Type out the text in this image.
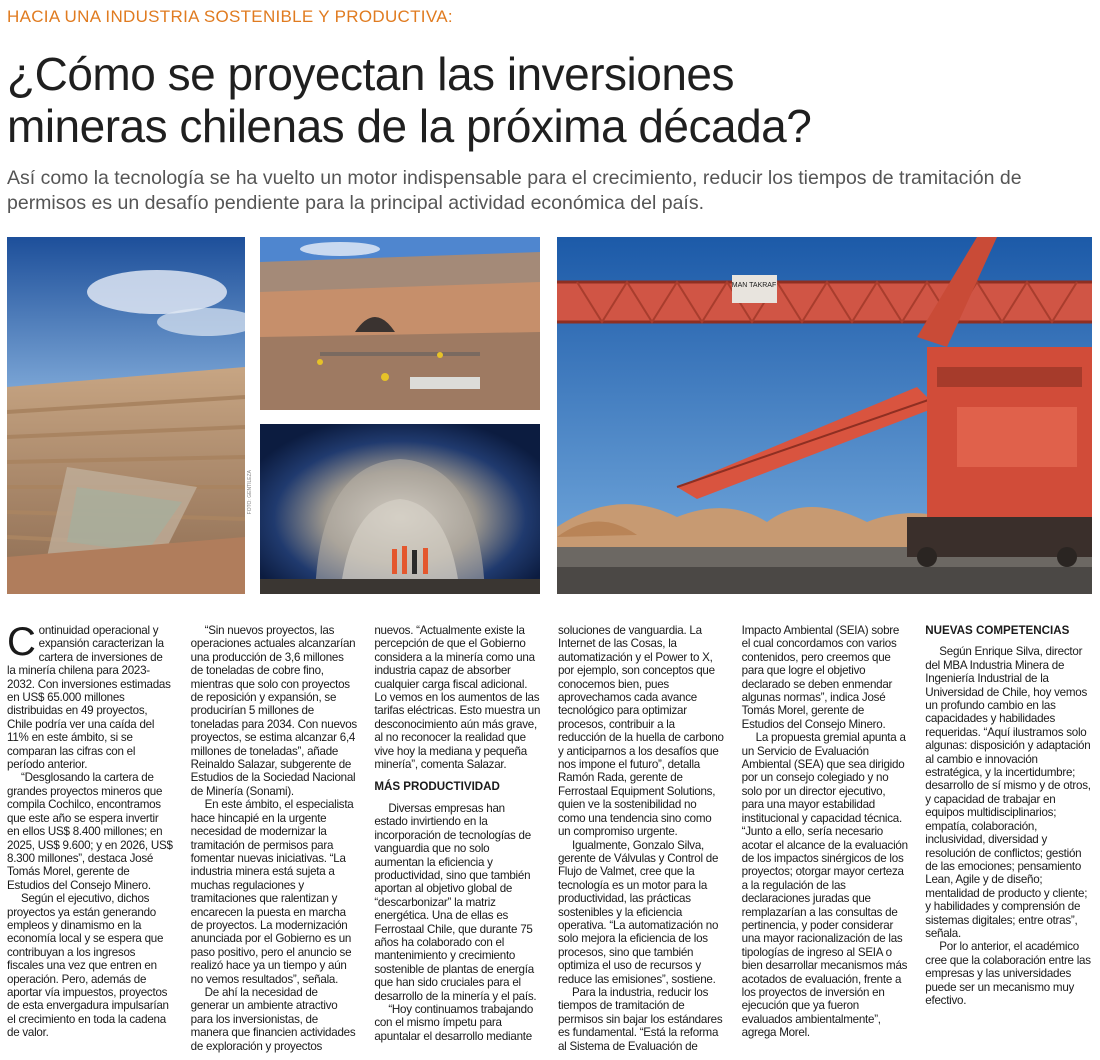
HACIA UNA INDUSTRIA SOSTENIBLE Y PRODUCTIVA:
¿Cómo se proyectan las inversiones
mineras chilenas de la próxima década?

Así como la tecnología se ha vuelto un motor indispensable para el crecimiento, reducir los tiempos de tramitación de permisos es un desafío pendiente para la principal actividad económica del país.

FOTO: GENTILEZA
MAN TAKRAF

Continuidad operacional y expansión caracterizan la cartera de inversiones de la minería chilena para 2023-2032. Con inversiones estimadas en US$ 65.000 millones distribuidas en 49 proyectos, Chile podría ver una caída del 11% en este ámbito, si se comparan las cifras con el período anterior.

“Desglosando la cartera de grandes proyectos mineros que compila Cochilco, encontramos que este año se espera invertir en ellos US$ 8.400 millones; en 2025, US$ 9.600; y en 2026, US$ 8.300 millones”, destaca José Tomás Morel, gerente de Estudios del Consejo Minero.

Según el ejecutivo, dichos proyectos ya están generando empleos y dinamismo en la economía local y se espera que contribuyan a los ingresos fiscales una vez que entren en operación. Pero, además de aportar vía impuestos, proyectos de esta envergadura impulsarían el crecimiento en toda la cadena de valor.

“Sin nuevos proyectos, las operaciones actuales alcanzarían una producción de 3,6 millones de toneladas de cobre fino, mientras que solo con proyectos de reposición y expansión, se producirían 5 millones de toneladas para 2034. Con nuevos proyectos, se estima alcanzar 6,4 millones de toneladas”, añade Reinaldo Salazar, subgerente de Estudios de la Sociedad Nacional de Minería (Sonami).

En este ámbito, el especialista hace hincapié en la urgente necesidad de modernizar la tramitación de permisos para fomentar nuevas iniciativas. “La industria minera está sujeta a muchas regulaciones y tramitaciones que ralentizan y encarecen la puesta en marcha de proyectos. La modernización anunciada por el Gobierno es un paso positivo, pero el anuncio se realizó hace ya un tiempo y aún no vemos resultados”, señala.

De ahí la necesidad de generar un ambiente atractivo para los inversionistas, de manera que financien actividades de exploración y proyectos nuevos. “Actualmente existe la percepción de que el Gobierno considera a la minería como una industria capaz de absorber cualquier carga fiscal adicional. Lo vemos en los aumentos de las tarifas eléctricas. Esto muestra un desconocimiento aún más grave, al no reconocer la realidad que vive hoy la mediana y pequeña minería”, comenta Salazar.

MÁS PRODUCTIVIDAD

Diversas empresas han estado invirtiendo en la incorporación de tecnologías de vanguardia que no solo aumentan la eficiencia y productividad, sino que también aportan al objetivo global de “descarbonizar” la matriz energética. Una de ellas es Ferrostaal Chile, que durante 75 años ha colaborado con el mantenimiento y crecimiento sostenible de plantas de energía que han sido cruciales para el desarrollo de la minería y el país.

“Hoy continuamos trabajando con el mismo ímpetu para apuntalar el desarrollo mediante soluciones de vanguardia. La Internet de las Cosas, la automatización y el Power to X, por ejemplo, son conceptos que conocemos bien, pues aprovechamos cada avance tecnológico para optimizar procesos, contribuir a la reducción de la huella de carbono y anticiparnos a los desafíos que nos impone el futuro”, detalla Ramón Rada, gerente de Ferrostaal Equipment Solutions, quien ve la sostenibilidad no como una tendencia sino como un compromiso urgente.

Igualmente, Gonzalo Silva, gerente de Válvulas y Control de Flujo de Valmet, cree que la tecnología es un motor para la productividad, las prácticas sostenibles y la eficiencia operativa. “La automatización no solo mejora la eficiencia de los procesos, sino que también optimiza el uso de recursos y reduce las emisiones”, sostiene.

Para la industria, reducir los tiempos de tramitación de permisos sin bajar los estándares es fundamental. “Está la reforma al Sistema de Evaluación de Impacto Ambiental (SEIA) sobre el cual concordamos con varios contenidos, pero creemos que para que logre el objetivo declarado se deben enmendar algunas normas”, indica José Tomás Morel, gerente de Estudios del Consejo Minero.

La propuesta gremial apunta a un Servicio de Evaluación Ambiental (SEA) que sea dirigido por un consejo colegiado y no solo por un director ejecutivo, para una mayor estabilidad institucional y capacidad técnica. “Junto a ello, sería necesario acotar el alcance de la evaluación de los impactos sinérgicos de los proyectos; otorgar mayor certeza a la regulación de las declaraciones juradas que remplazarían a las consultas de pertinencia, y poder considerar una mayor racionalización de las tipologías de ingreso al SEIA o bien desarrollar mecanismos más acotados de evaluación, frente a los proyectos de inversión en ejecución que ya fueron evaluados ambientalmente”, agrega Morel.

NUEVAS COMPETENCIAS

Según Enrique Silva, director del MBA Industria Minera de Ingeniería Industrial de la Universidad de Chile, hoy vemos un profundo cambio en las capacidades y habilidades requeridas. “Aquí ilustramos solo algunas: disposición y adaptación al cambio e innovación estratégica, y la incertidumbre; desarrollo de sí mismo y de otros, y capacidad de trabajar en equipos multidisciplinarios; empatía, colaboración, inclusividad, diversidad y resolución de conflictos; gestión de las emociones; pensamiento Lean, Agile y de diseño; mentalidad de producto y cliente; y habilidades y comprensión de sistemas digitales; entre otras”, señala.

Por lo anterior, el académico cree que la colaboración entre las empresas y las universidades puede ser un mecanismo muy efectivo.
